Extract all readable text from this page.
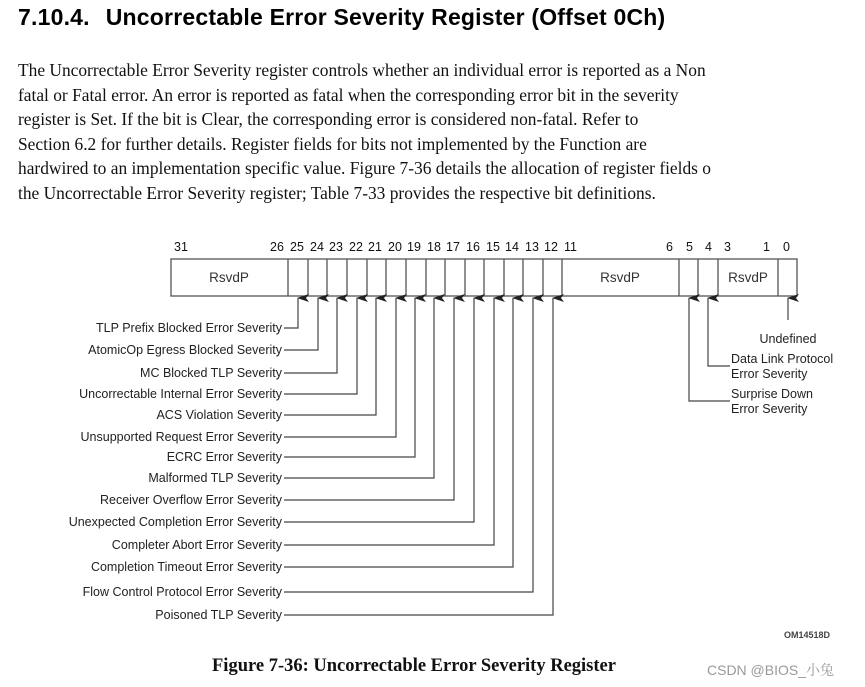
7.10.4. Uncorrectable Error Severity Register (Offset 0Ch)
The Uncorrectable Error Severity register controls whether an individual error is reported as a Non
fatal or Fatal error. An error is reported as fatal when the corresponding error bit in the severity
register is Set. If the bit is Clear, the corresponding error is considered non-fatal. Refer to
Section 6.2 for further details. Register fields for bits not implemented by the Function are
hardwired to an implementation specific value. Figure 7-36 details the allocation of register fields o
the Uncorrectable Error Severity register; Table 7-33 provides the respective bit definitions.
31	26 25 24 23 22 21 20 19 18 17 16 15 14 13 12 11	6 5 4 3	1 0
RsvdP	RsvdP	RsvdP
TLP Prefix Blocked Error Severity
AtomicOp Egress Blocked Severity
MC Blocked TLP Severity
Uncorrectable Internal Error Severity
ACS Violation Severity
Unsupported Request Error Severity
ECRC Error Severity
Malformed TLP Severity
Receiver Overflow Error Severity
Unexpected Completion Error Severity
Completer Abort Error Severity
Completion Timeout Error Severity
Flow Control Protocol Error Severity
Poisoned TLP Severity
Undefined
Data Link Protocol
Error Severity
Surprise Down
Error Severity
OM14518D
Figure 7-36: Uncorrectable Error Severity Register	CSDN @BIOS_小兔
